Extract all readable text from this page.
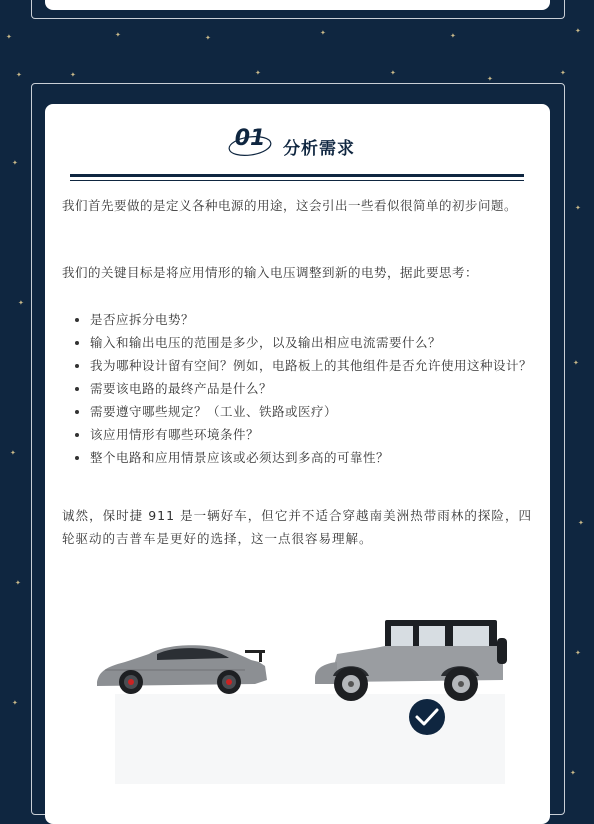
✦	✦	✦
✦	✦
✦
✦	✦	✦	✦
✦
✦
✦
✦
✦
✦
✦
✦
✦
✦
✦
✦
01	分析需求
我们首先要做的是定义各种电源的用途，这会引出一些看似很简单的初步问题。
我们的关键目标是将应用情形的输入电压调整到新的电势，据此要思考：
• 是否应拆分电势？
• 输入和输出电压的范围是多少，以及输出相应电流需要什么？
• 我为哪种设计留有空间？例如，电路板上的其他组件是否允许使用这种设计？
• 需要该电路的最终产品是什么？
• 需要遵守哪些规定？（工业、铁路或医疗）
• 该应用情形有哪些环境条件？
• 整个电路和应用情景应该或必须达到多高的可靠性？
诚然，保时捷 911 是一辆好车，但它并不适合穿越南美洲热带雨林的探险，四轮驱动的吉普车是更好的选择，这一点很容易理解。
